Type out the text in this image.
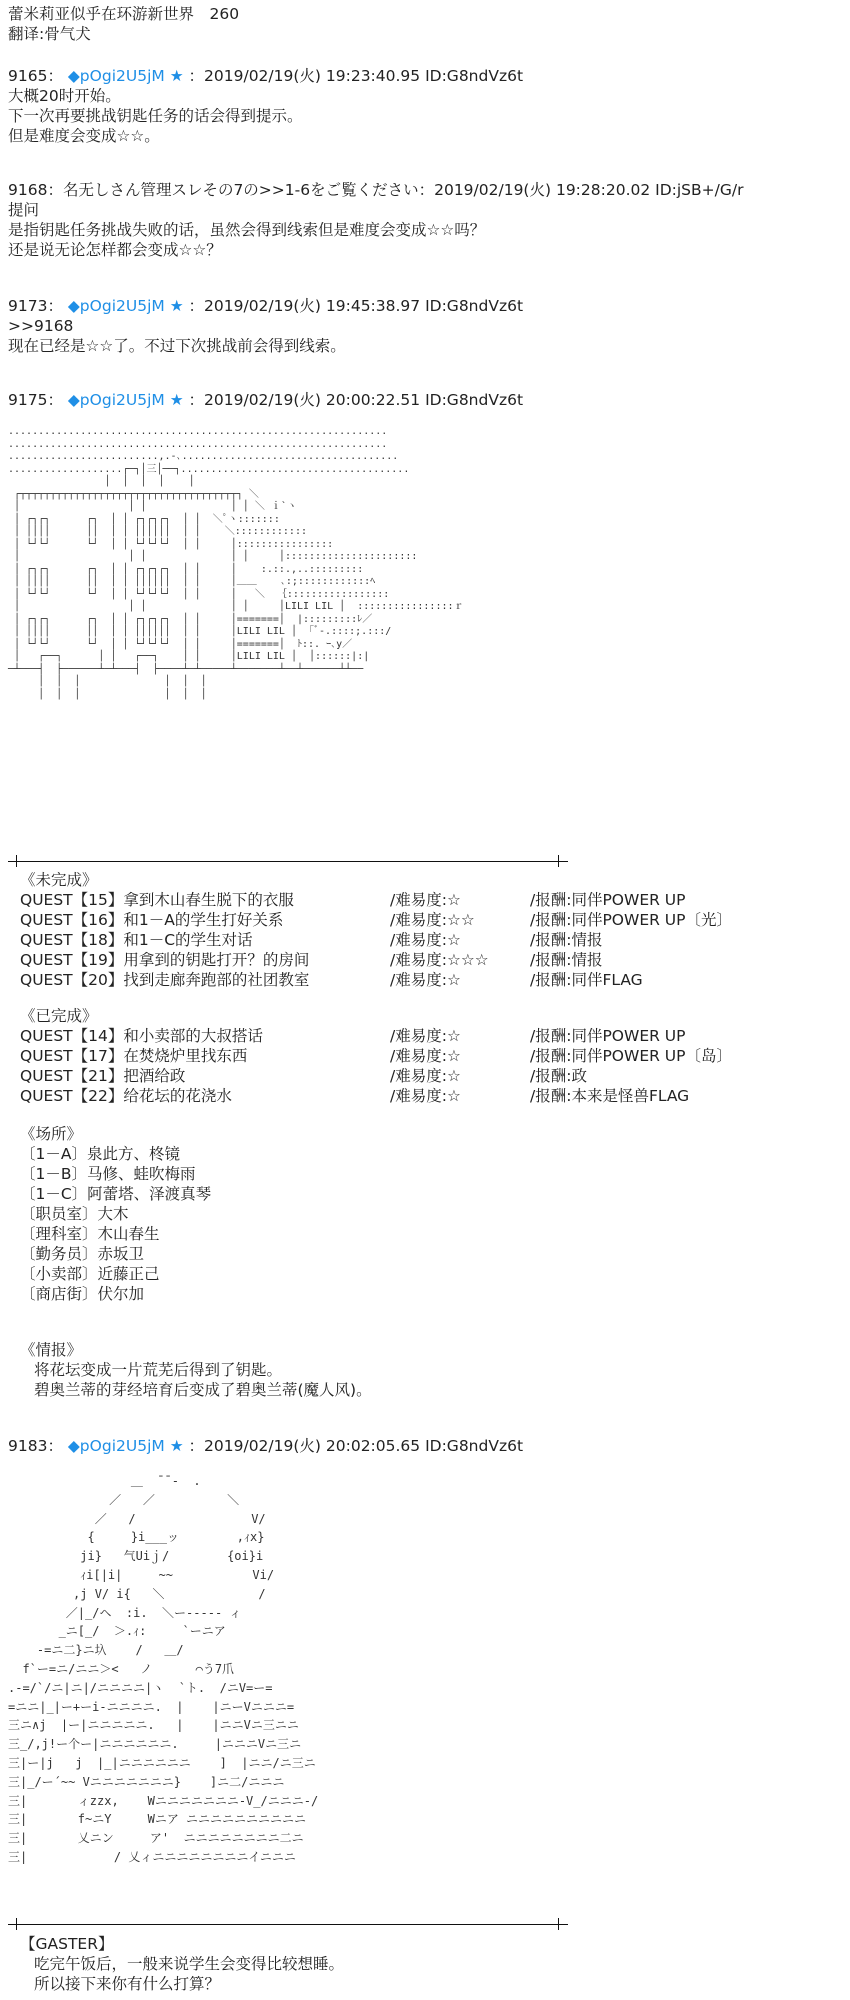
蕾米莉亚似乎在环游新世界　260
翻译:骨气犬
9165： ◆pOgi2U5jM ★ ：2019/02/19(火) 19:23:40.95 ID:G8ndVz6t
大概20时开始。
下一次再要挑战钥匙任务的话会得到提示。
但是难度会变成☆☆。
9168：名无しさん管理スレその7の>>1-6をご覧ください：2019/02/19(火) 19:28:20.02 ID:jSB+/G/r
提问
是指钥匙任务挑战失败的话，虽然会得到线索但是难度会变成☆☆吗？
还是说无论怎样都会变成☆☆？
9173： ◆pOgi2U5jM ★ ：2019/02/19(火) 19:45:38.97 ID:G8ndVz6t
>>9168
现在已经是☆☆了。不过下次挑战前会得到线索。
9175： ◆pOgi2U5jM ★ ：2019/02/19(火) 20:00:22.51 ID:G8ndVz6t
...............................................................
...............................................................
.........................,.-､....................................
...................┌─┐│三│──┐......................................
│  │  │  │    │
┌┬┬┬┬┬┬┬┬┬┬┬┬┬┬┬┬┬┬┬┬┬┬┬┬┬┬┬┬┬┬┬┬┬┬┬┬┐ ＼
│                  │ │              │ │ ＼ ｉ`ヽ
│ ┌┐┌┐      ┌┐  │ │ ┌┐┌┐┌┐  │ │  ＼ﾟヽ:::::::
│ ││││      ││  │ │ ││││││  │ │    ＼::::::::::::
│ └┘└┘      └┘  │ │ └┘└┘└┘  │ │     │::::::::::::::::
│                  │ │              │ │     │::::::::::::::::::::::
│ ┌┐┌┐      ┌┐  │ │ ┌┐┌┐┌┐  │ │     │    :.::.,..:::::::::
│ ││││      ││  │ │ ││││││  │ │     │＿＿    ､:;::::::::::::ﾍ
│ └┘└┘      └┘  │ │ └┘└┘└┘  │ │     │   ＼  ｛:::::::::::::::::
│                  │ │              │ │     │LILI LIL │  ::::::::::::::::ｒ
│ ┌┐┌┐      ┌┐  │ │ ┌┐┌┐┌┐  │ │     │=======│  |:::::::::ﾚ／
│ ││││      ││  │ │ ││││││  │ │     │LILI LIL │  ｢ﾞ-.::::;.:::/
│ └┘└┘      └┘  │ │ └┘└┘└┘  │ │     │=======│  ﾄ::. ｰ､y／
│   ┌──┐      │ │   ┌──┐    │ │     │LILI LIL │  │::::::|:|
─┴───┤  ├──────┴─┴───┤  ├────┴─┴─────┴───────┴──┴──────┴┴──
│  │  │              │  │  │
│  │  │              │  │  │
《未完成》
QUEST【15】拿到木山春生脱下的衣服	/难易度:☆	/报酬:同伴POWER UP
QUEST【16】和1－A的学生打好关系	/难易度:☆☆	/报酬:同伴POWER UP〔光〕
QUEST【18】和1－C的学生对话	/难易度:☆	/报酬:情报
QUEST【19】用拿到的钥匙打开？的房间	/难易度:☆☆☆	/报酬:情报
QUEST【20】找到走廊奔跑部的社团教室	/难易度:☆	/报酬:同伴FLAG
《已完成》
QUEST【14】和小卖部的大叔搭话	/难易度:☆	/报酬:同伴POWER UP
QUEST【17】在焚烧炉里找东西	/难易度:☆	/报酬:同伴POWER UP〔岛〕
QUEST【21】把酒给政	/难易度:☆	/报酬:政
QUEST【22】给花坛的花浇水	/难易度:☆	/报酬:本来是怪兽FLAG
《场所》
〔1－A〕泉此方、柊镜
〔1－B〕马修、蛙吹梅雨
〔1－C〕阿蕾塔、泽渡真琴
〔职员室〕大木
〔理科室〕木山春生
〔勤务员〕赤坂卫
〔小卖部〕近藤正己
〔商店街〕伏尔加
《情报》
将花坛变成一片荒芜后得到了钥匙。
碧奥兰蒂的芽经培育后变成了碧奥兰蒂(魔人风)。
9183： ◆pOgi2U5jM ★ ：2019/02/19(火) 20:02:05.65 ID:G8ndVz6t
＿  ̄ ̄ ‐  .
／   ／          ＼
／   /                V/
{     }i___ッ        ,ｨx}
ji}   气Uiｊ/        {oi}i
ｨi[|i|     ~~           Vi/
,j V/ i{   ＼             /
／|_/ヘ  :i.  ＼ー----- ィ
_ニ[_/  ＞.ｨ:     `ーニア
-=ニ二}ニ圦    /   ＿/
f`ー=ニ/ニニ＞<   ノ      ⌒う7爪
.-=/`/ニ|ニ|/ニニニニ|ヽ  `ト.  /ニV=ー=
=ニニ|_|ー+ーi-ニニニニ.  |    |ニーVニニニ=
三ニ∧j  |ー|ニニニニニ.   |    |ニニVニ三ニニ
三_/,j!ー个ー|ニニニニニニ.     |ニニニVニ三ニ
三|ー|j   j  |_|ニニニニニニ    ]  |ニニ/ニ三ニ
三|_/ー´~~ Vニニニニニニニ}    ]ニ二/ニニニ
三|       ィzzx,    Wニニニニニニニ-V_/ニニニ-/
三|       f~ニY     Wニア ニニニニニニニニニニ
三|       乂ニン     ア'  ニニニニニニニニ二ニ
三|            / 乂ィニニニニニニニニイニニニ
【GASTER】
吃完午饭后，一般来说学生会变得比较想睡。
所以接下来你有什么打算？
